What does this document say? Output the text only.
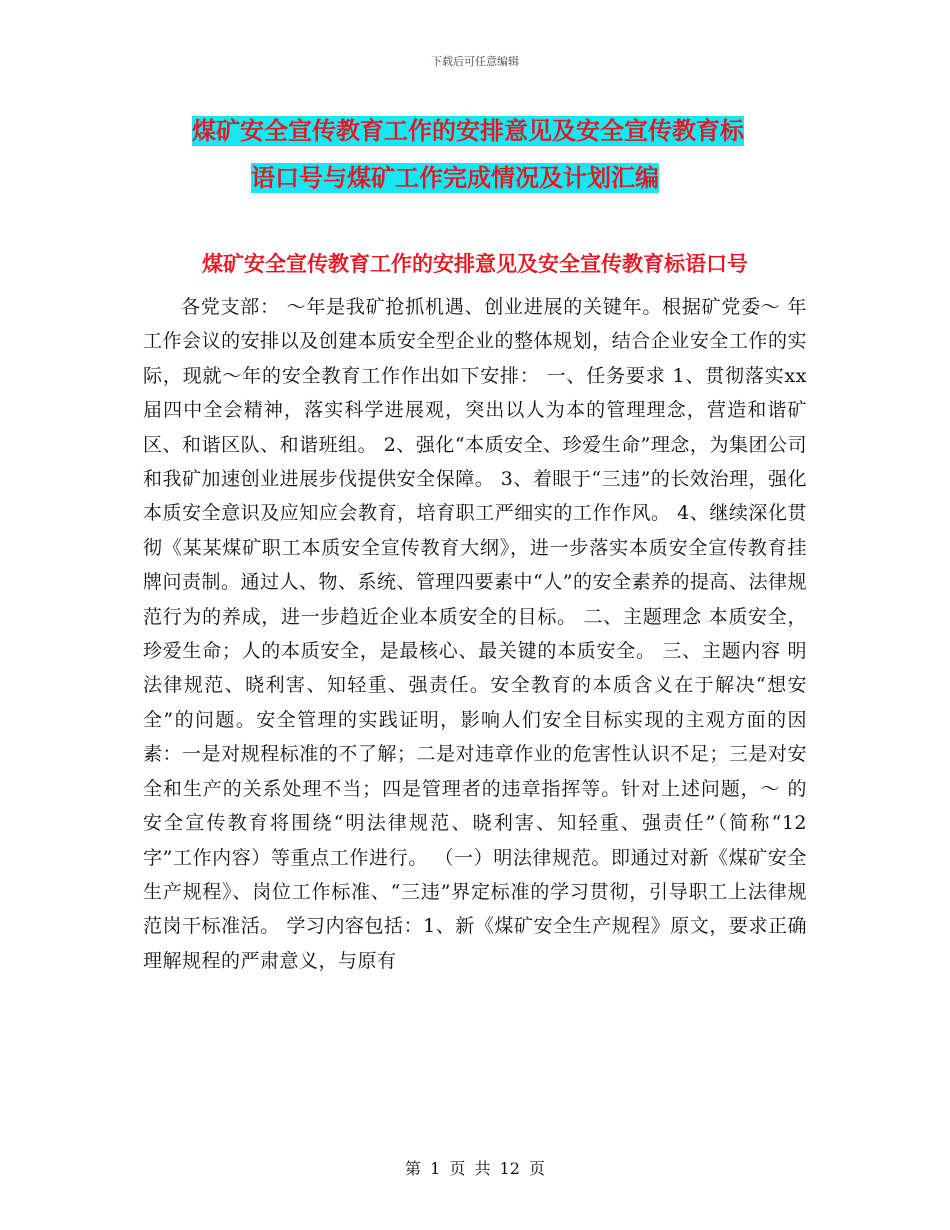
下载后可任意编辑
煤矿安全宣传教育工作的安排意见及安全宣传教育标
语口号与煤矿工作完成情况及计划汇编
煤矿安全宣传教育工作的安排意见及安全宣传教育标语口号

各党支部： ～年是我矿抢抓机遇、创业进展的关键年。根据矿党委～ 年工作会议的安排以及创建本质安全型企业的整体规划，结合企业安全工作的实际，现就～年的安全教育工作作出如下安排： 一、任务要求 1、贯彻落实xx届四中全会精神，落实科学进展观，突出以人为本的管理理念，营造和谐矿区、和谐区队、和谐班组。 2、强化“本质安全、珍爱生命”理念，为集团公司和我矿加速创业进展步伐提供安全保障。 3、着眼于“三违”的长效治理，强化本质安全意识及应知应会教育，培育职工严细实的工作作风。 4、继续深化贯彻《某某煤矿职工本质安全宣传教育大纲》，进一步落实本质安全宣传教育挂牌问责制。通过人、物、系统、管理四要素中“人”的安全素养的提高、法律规范行为的养成，进一步趋近企业本质安全的目标。 二、主题理念 本质安全，珍爱生命；人的本质安全，是最核心、最关键的本质安全。 三、主题内容 明法律规范、晓利害、知轻重、强责任。安全教育的本质含义在于解决“想安全”的问题。安全管理的实践证明，影响人们安全目标实现的主观方面的因素：一是对规程标准的不了解；二是对违章作业的危害性认识不足；三是对安全和生产的关系处理不当；四是管理者的违章指挥等。针对上述问题，～ 的安全宣传教育将围绕“明法律规范、晓利害、知轻重、强责任”（简称“12 字”工作内容）等重点工作进行。 （一）明法律规范。即通过对新《煤矿安全生产规程》、岗位工作标准、“三违”界定标准的学习贯彻，引导职工上法律规范岗干标准活。 学习内容包括：1、新《煤矿安全生产规程》原文，要求正确理解规程的严肃意义，与原有

第 1 页 共 12 页
